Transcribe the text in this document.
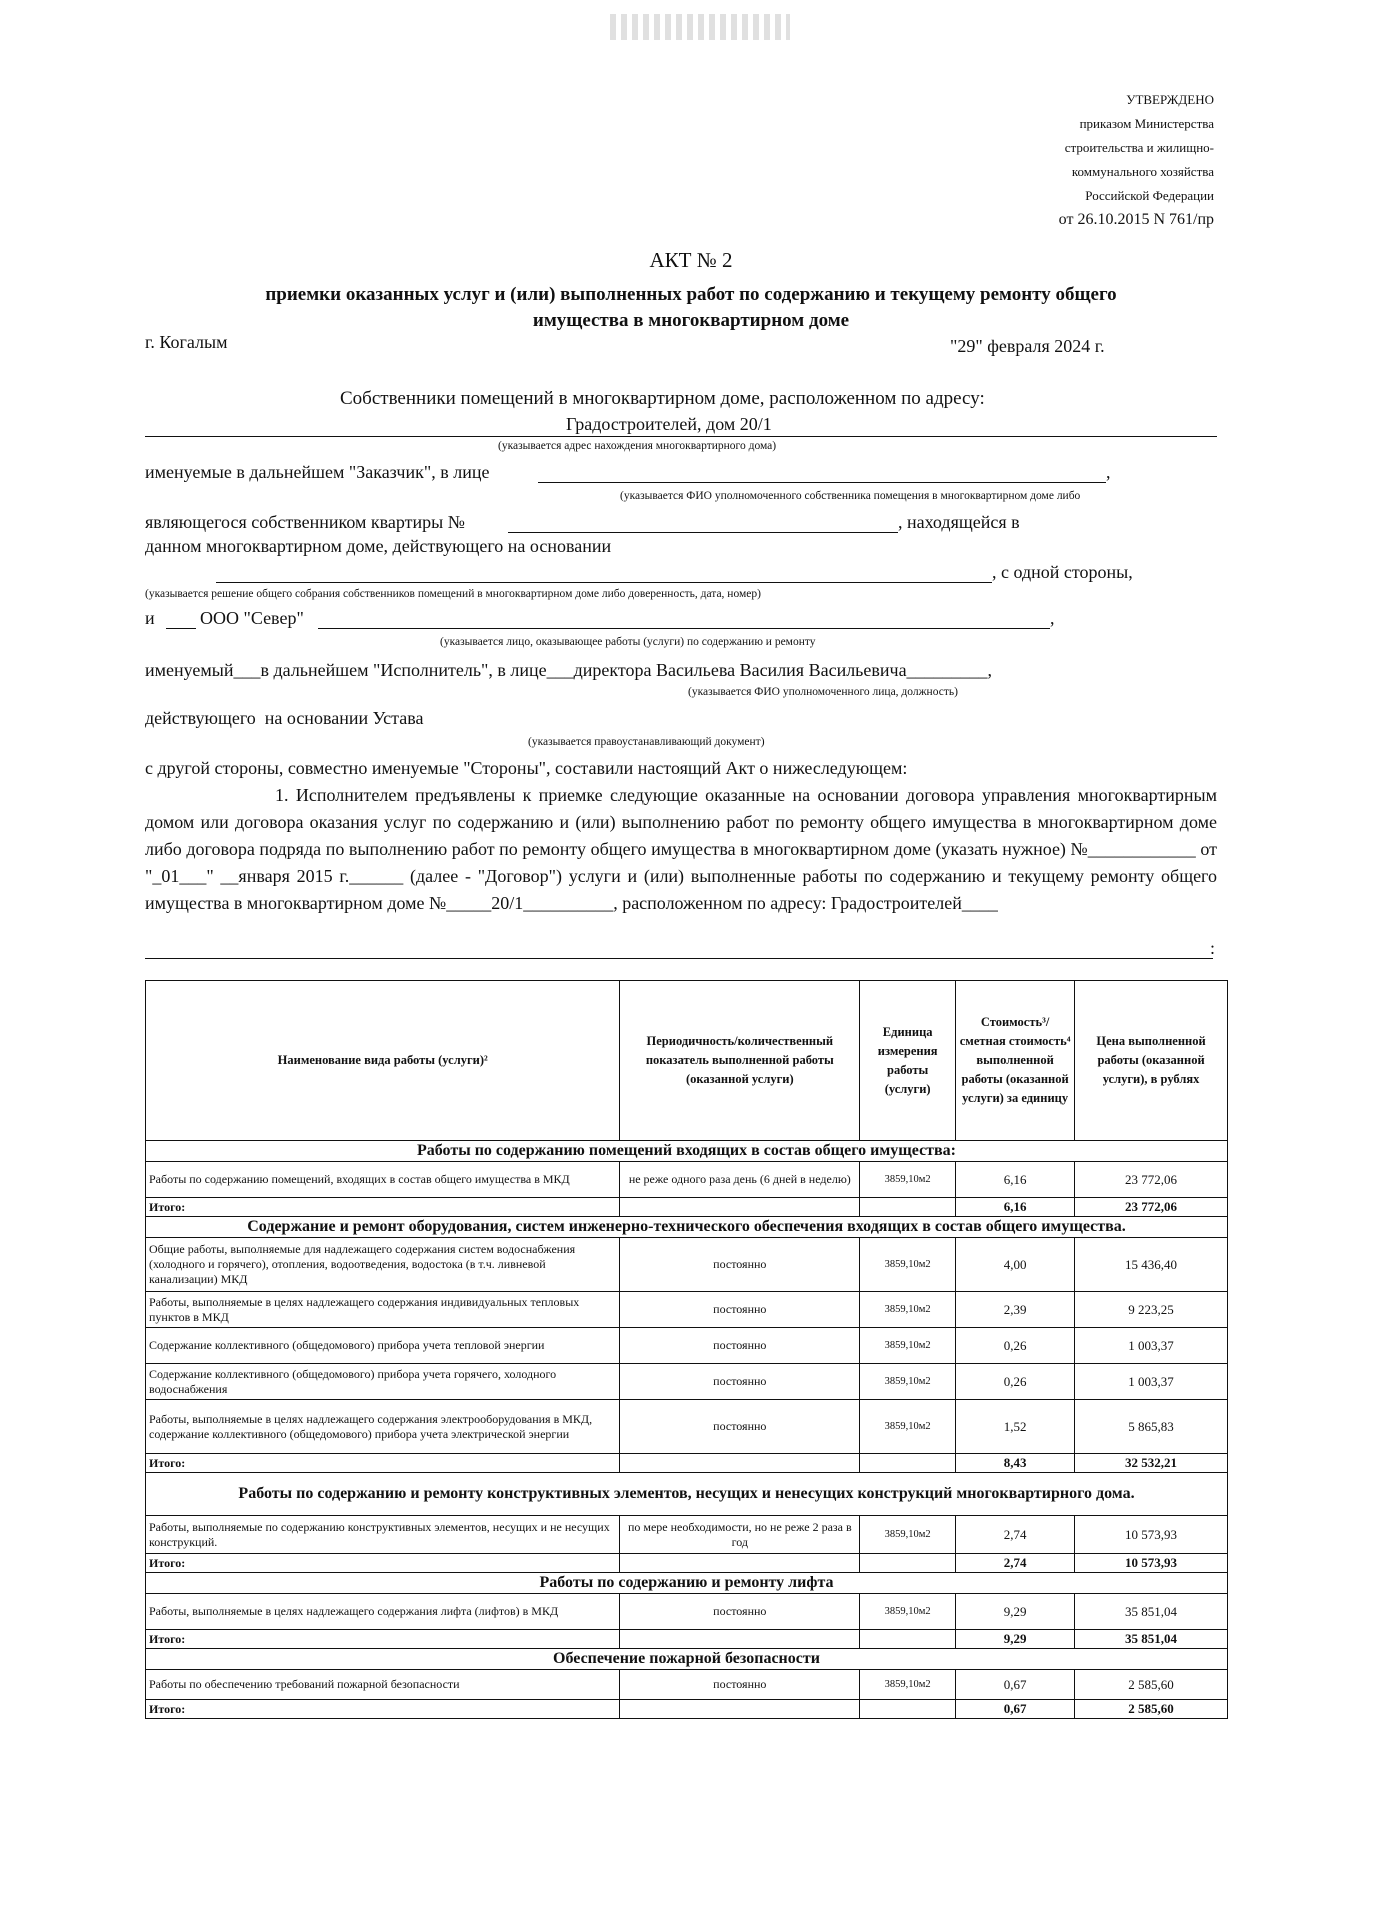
УТВЕРЖДЕНО
приказом Министерства
строительства и жилищно-
коммунального хозяйства
Российской Федерации
от 26.10.2015 N 761/пр
АКТ № 2
приемки оказанных услуг и (или) выполненных работ по содержанию и текущему ремонту общего
имущества в многоквартирном доме
г. Когалым	"29" февраля 2024 г.
Собственники помещений в многоквартирном доме, расположенном по адресу:
Градостроителей, дом 20/1
(указывается адрес нахождения многоквартирного дома)
именуемые в дальнейшем "Заказчик", в лице	,
(указывается ФИО уполномоченного собственника помещения в многоквартирном доме либо
являющегося собственником квартиры №	, находящейся в
данном многоквартирном доме, действующего на основании
, с одной стороны,
(указывается решение общего собрания собственников помещений в многоквартирном доме либо доверенность, дата, номер)
и	ООО "Север"	,
(указывается лицо, оказывающее работы (услуги) по содержанию и ремонту
именуемый___в дальнейшем "Исполнитель", в лице___директора Васильева Василия Васильевича_________,
(указывается ФИО уполномоченного лица, должность)
действующего  на основании Устава
(указывается правоустанавливающий документ)
с другой стороны, совместно именуемые "Стороны", составили настоящий Акт о нижеследующем:
1. Исполнителем предъявлены к приемке следующие оказанные на основании договора управления многоквартирным домом или договора оказания услуг по содержанию и (или) выполнению работ по ремонту общего имущества в многоквартирном доме либо договора подряда по выполнению работ по ремонту общего имущества в многоквартирном доме (указать нужное) №____________ от "_01___" __января 2015 г.______ (далее - "Договор") услуги и (или) выполненные работы по содержанию и текущему ремонту общего имущества в многоквартирном доме №_____20/1__________, расположенном по адресу: Градостроителей____
:
Наименование вида работы (услуги)²	Периодичность/количественный показатель выполненной работы (оказанной услуги)	Единица измерения работы (услуги)	Стоимость³/сметная стоимость⁴ выполненной работы (оказанной услуги) за единицу	Цена выполненной работы (оказанной услуги), в рублях
Работы по содержанию помещений входящих в состав общего имущества:				
Работы по содержанию помещений, входящих в состав общего имущества в МКД	не реже одного раза день (6 дней в неделю)	3859,10м2	6,16	23 772,06
Итого:			6,16	23 772,06
Содержание и ремонт оборудования, систем инженерно-технического обеспечения входящих в состав общего имущества.				
Общие работы, выполняемые для надлежащего содержания систем водоснабжения (холодного и горячего), отопления, водоотведения, водостока (в т.ч. ливневой канализации) МКД	постоянно	3859,10м2	4,00	15 436,40
Работы, выполняемые в целях надлежащего содержания индивидуальных тепловых пунктов в МКД	постоянно	3859,10м2	2,39	9 223,25
Содержание коллективного (общедомового) прибора учета тепловой энергии	постоянно	3859,10м2	0,26	1 003,37
Содержание коллективного (общедомового) прибора учета горячего, холодного водоснабжения	постоянно	3859,10м2	0,26	1 003,37
Работы, выполняемые в целях надлежащего содержания электрооборудования в МКД, содержание коллективного (общедомового) прибора учета электрической энергии	постоянно	3859,10м2	1,52	5 865,83
Итого:			8,43	32 532,21
Работы по содержанию и ремонту конструктивных элементов, несущих и ненесущих конструкций многоквартирного дома.				
Работы, выполняемые по содержанию конструктивных элементов, несущих и не несущих конструкций.	по мере необходимости, но не реже 2 раза в год	3859,10м2	2,74	10 573,93
Итого:			2,74	10 573,93
Работы по содержанию и ремонту лифта				
Работы, выполняемые в целях надлежащего содержания лифта (лифтов) в МКД	постоянно	3859,10м2	9,29	35 851,04
Итого:			9,29	35 851,04
Обеспечение пожарной безопасности				
Работы по обеспечению требований пожарной безопасности	постоянно	3859,10м2	0,67	2 585,60
Итого:			0,67	2 585,60
